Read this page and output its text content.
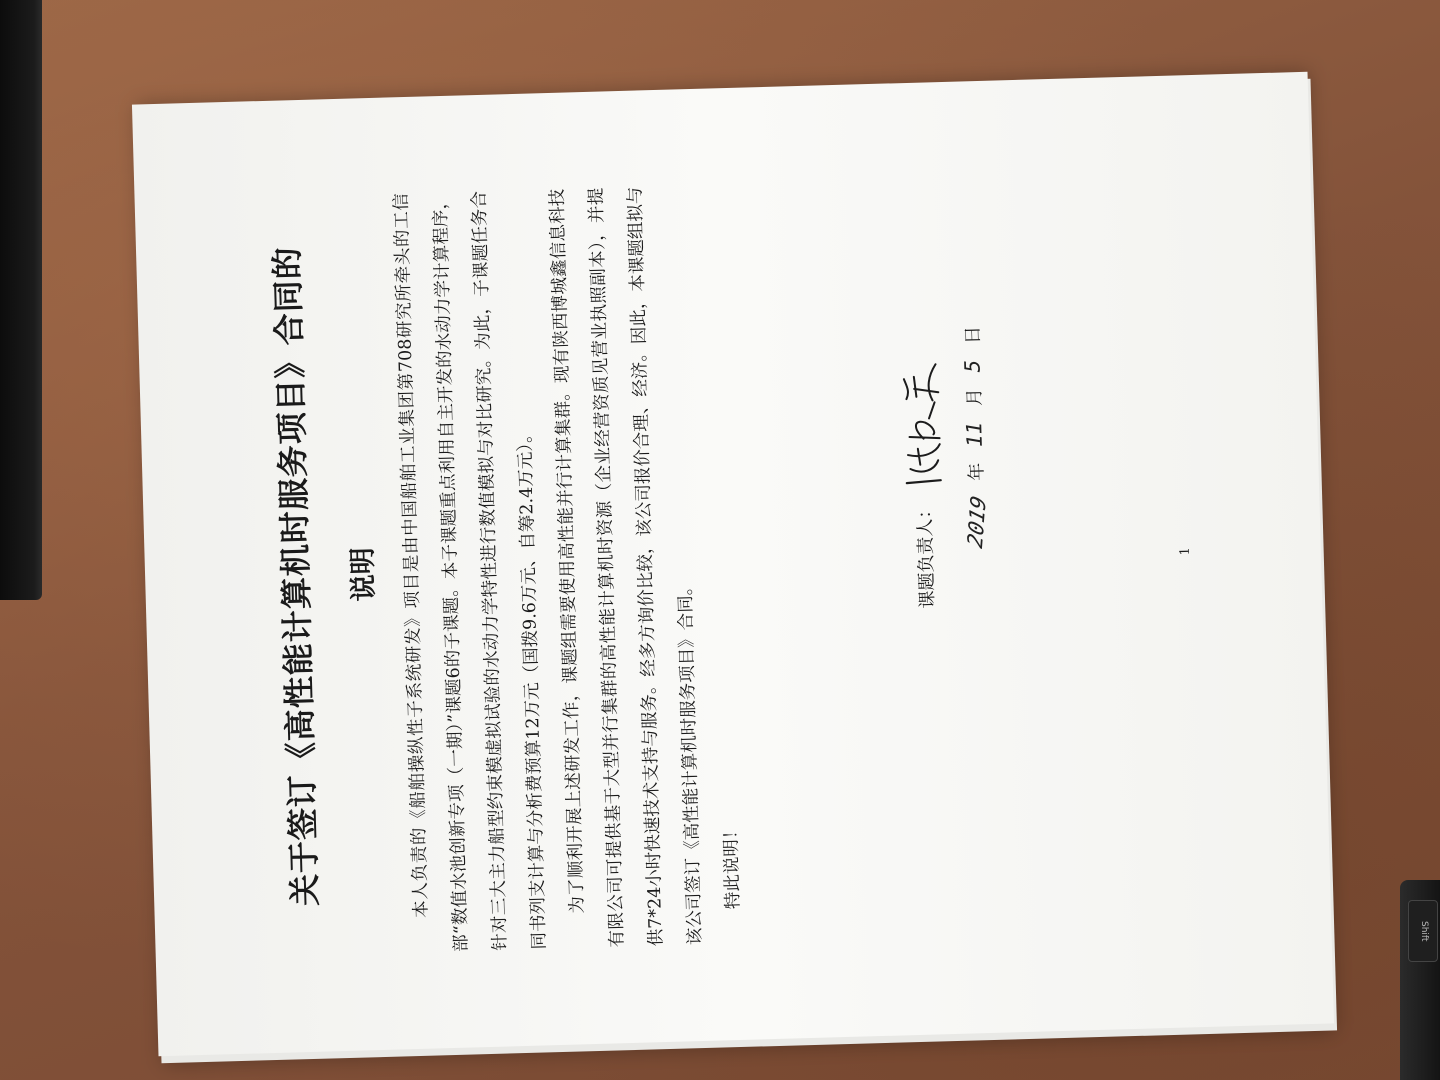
Shift
关于签订《高性能计算机时服务项目》合同的 说明 本人负责的《船舶操纵性子系统研发》项目是由中国船舶工业集团第708研究所牵头的工信部“数值水池创新专项（一期）”课题6的子课题。本子课题重点利用自主开发的水动力学计算程序，针对三大主力船型约束模虚拟试验的水动力学特性进行数值模拟与对比研究。为此，子课题任务合同书列支计算与分析费预算12万元（国拨9.6万元、自筹2.4万元）。

为了顺利开展上述研发工作，课题组需要使用高性能并行计算集群。现有陕西博城鑫信息科技有限公司可提供基于大型并行集群的高性能计算机时资源（企业经营资质见营业执照副本），并提供7*24小时快速技术支持与服务。经多方询价比较，该公司报价合理、经济。因此，本课题组拟与该公司签订《高性能计算机时服务项目》合同。 特此说明！

课题负责人：	2019 年 11 月 5 日
1
